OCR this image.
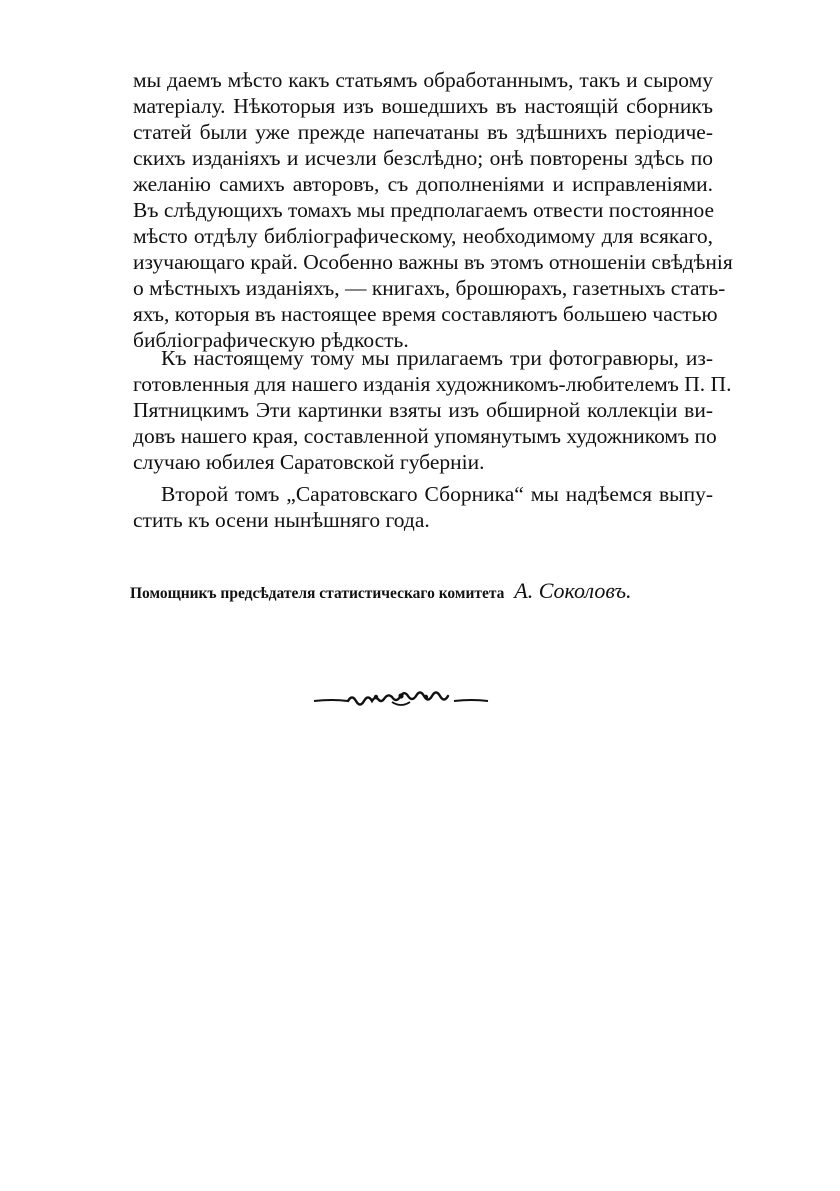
мы даемъ мѣсто какъ статьямъ обработаннымъ, такъ и сырому
матеріалу. Нѣкоторыя изъ вошедшихъ въ настоящій сборникъ
статей были уже прежде напечатаны въ здѣшнихъ періодиче-
скихъ изданіяхъ и исчезли безслѣдно; онѣ повторены здѣсь по
желанію самихъ авторовъ, съ дополненіями и исправленіями.
Въ слѣдующихъ томахъ мы предполагаемъ отвести постоянное
мѣсто отдѣлу библіографическому, необходимому для всякаго,
изучающаго край. Особенно важны въ этомъ отношеніи свѣдѣнія
о мѣстныхъ изданіяхъ, — книгахъ, брошюрахъ, газетныхъ стать-
яхъ, которыя въ настоящее время составляютъ большею частью
библіографическую рѣдкость.

Къ настоящему тому мы прилагаемъ три фотогравюры, из-
готовленныя для нашего изданія художникомъ-любителемъ П. П.
Пятницкимъ Эти картинки взяты изъ обширной коллекціи ви-
довъ нашего края, составленной упомянутымъ художникомъ по
случаю юбилея Саратовской губерніи.

Второй томъ „Саратовскаго Сборника“ мы надѣемся выпу-
стить къ осени нынѣшняго года.

Помощникъ предсѣдателя статистическаго комитета А. Соколовъ.
